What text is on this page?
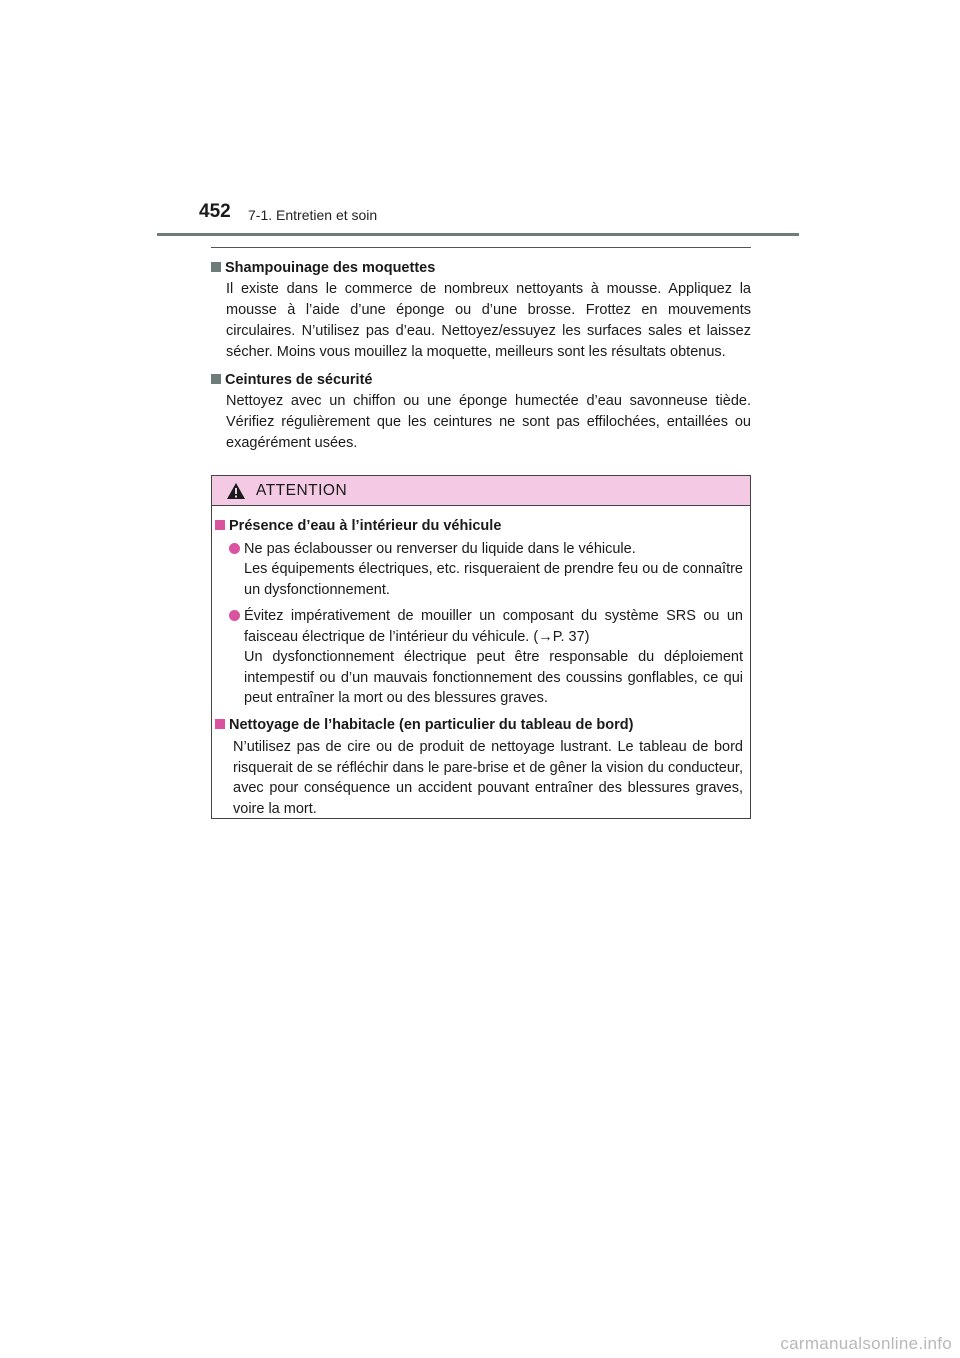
452 7-1. Entretien et soin
Shampouinage des moquettes
Il existe dans le commerce de nombreux nettoyants à mousse. Appliquez la mousse à l’aide d’une éponge ou d’une brosse. Frottez en mouvements circulaires. N’utilisez pas d’eau. Nettoyez/essuyez les surfaces sales et laissez sécher. Moins vous mouillez la moquette, meilleurs sont les résultats obtenus.
Ceintures de sécurité
Nettoyez avec un chiffon ou une éponge humectée d’eau savonneuse tiède. Vérifiez régulièrement que les ceintures ne sont pas effilochées, entaillées ou exagérément usées.
ATTENTION
Présence d’eau à l’intérieur du véhicule
Ne pas éclabousser ou renverser du liquide dans le véhicule.
Les équipements électriques, etc. risqueraient de prendre feu ou de connaître un dysfonctionnement.
Évitez impérativement de mouiller un composant du système SRS ou un faisceau électrique de l’intérieur du véhicule. (→P. 37)
Un dysfonctionnement électrique peut être responsable du déploiement intempestif ou d’un mauvais fonctionnement des coussins gonflables, ce qui peut entraîner la mort ou des blessures graves.
Nettoyage de l’habitacle (en particulier du tableau de bord)
N’utilisez pas de cire ou de produit de nettoyage lustrant. Le tableau de bord risquerait de se réfléchir dans le pare-brise et de gêner la vision du conducteur, avec pour conséquence un accident pouvant entraîner des blessures graves, voire la mort.
carmanualsonline.info
